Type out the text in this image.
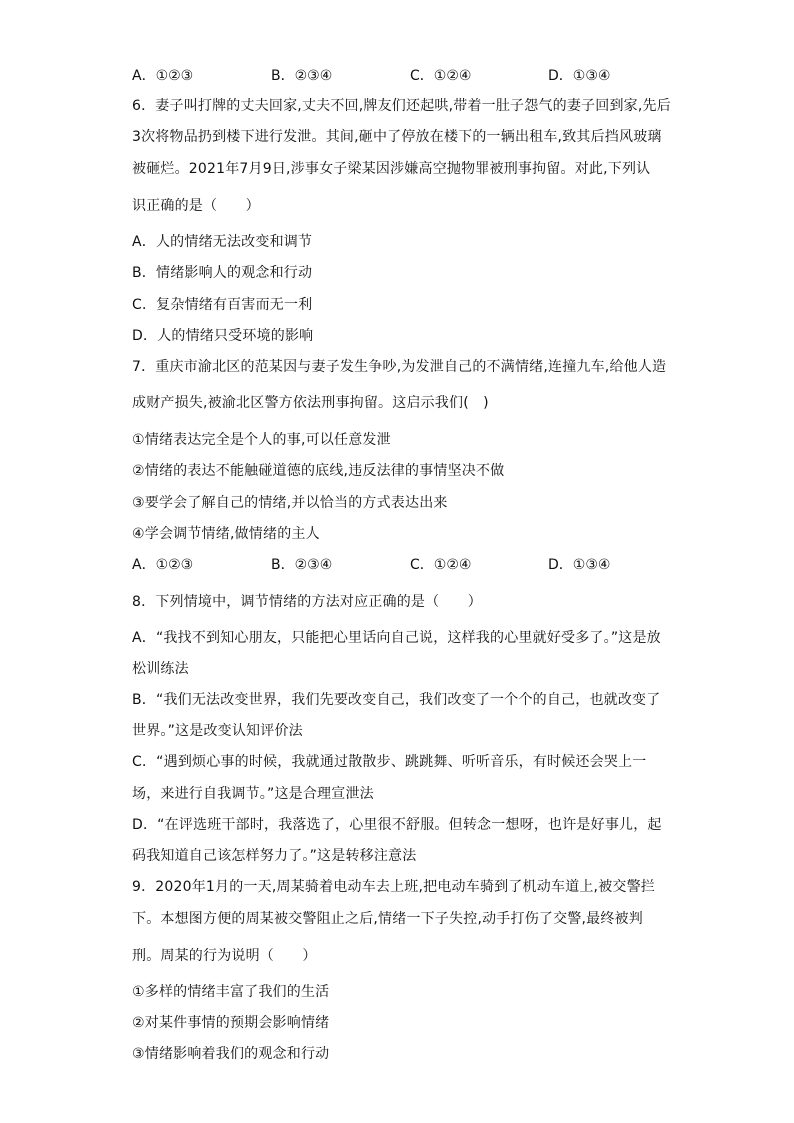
A．①②③	B．②③④	C．①②④	D．①③④
6．妻子叫打牌的丈夫回家,丈夫不回,牌友们还起哄,带着一肚子怨气的妻子回到家,先后
3次将物品扔到楼下进行发泄。其间,砸中了停放在楼下的一辆出租车,致其后挡风玻璃
被砸烂。2021年7月9日,涉事女子梁某因涉嫌高空抛物罪被刑事拘留。对此,下列认
识正确的是（　　）
A．人的情绪无法改变和调节
B．情绪影响人的观念和行动
C．复杂情绪有百害而无一利
D．人的情绪只受环境的影响
7．重庆市渝北区的范某因与妻子发生争吵,为发泄自己的不满情绪,连撞九车,给他人造
成财产损失,被渝北区警方依法刑事拘留。这启示我们(　)
①情绪表达完全是个人的事,可以任意发泄
②情绪的表达不能触碰道德的底线,违反法律的事情坚决不做
③要学会了解自己的情绪,并以恰当的方式表达出来
④学会调节情绪,做情绪的主人
A．①②③	B．②③④	C．①②④	D．①③④
8．下列情境中，调节情绪的方法对应正确的是（　　）
A．“我找不到知心朋友，只能把心里话向自己说，这样我的心里就好受多了。”这是放
松训练法
B．“我们无法改变世界，我们先要改变自己，我们改变了一个个的自己，也就改变了
世界。”这是改变认知评价法
C．“遇到烦心事的时候，我就通过散散步、跳跳舞、听听音乐，有时候还会哭上一
场，来进行自我调节。”这是合理宣泄法
D．“在评选班干部时，我落选了，心里很不舒服。但转念一想呀，也许是好事儿，起
码我知道自己该怎样努力了。”这是转移注意法
9．2020年1月的一天,周某骑着电动车去上班,把电动车骑到了机动车道上,被交警拦
下。本想图方便的周某被交警阻止之后,情绪一下子失控,动手打伤了交警,最终被判
刑。周某的行为说明（　　）
①多样的情绪丰富了我们的生活
②对某件事情的预期会影响情绪
③情绪影响着我们的观念和行动
